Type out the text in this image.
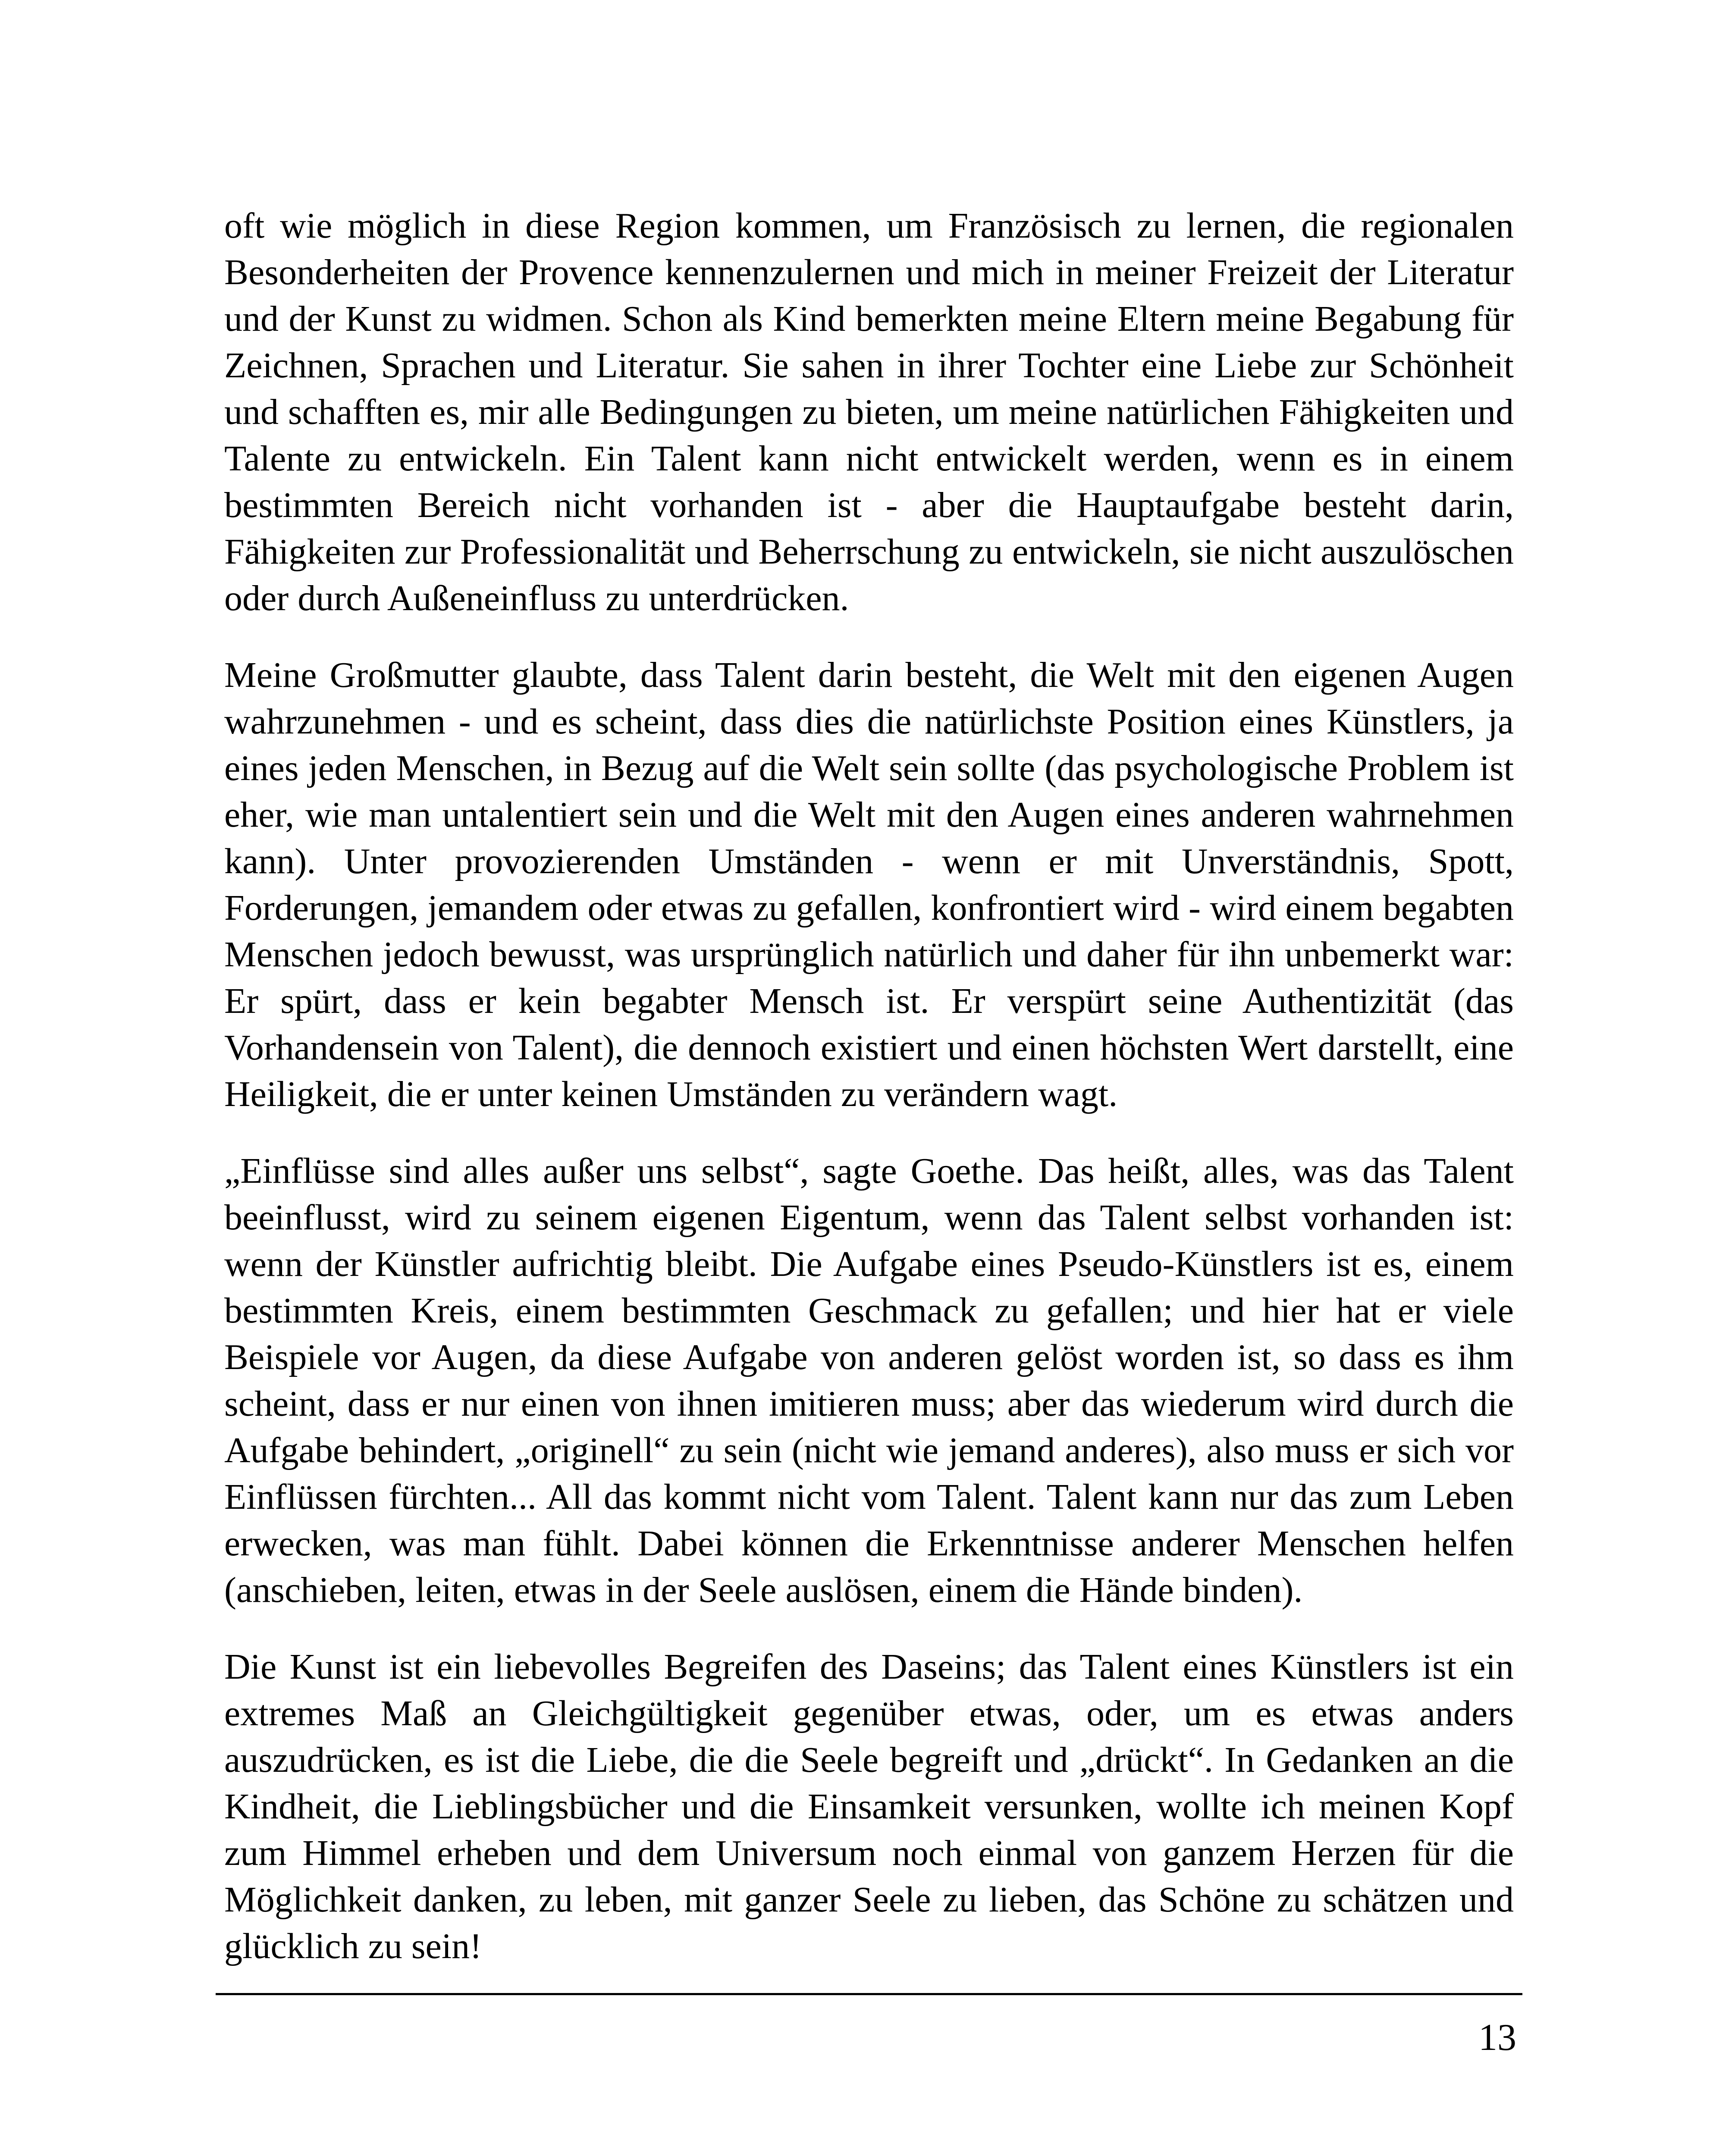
oft wie möglich in diese Region kommen, um Französisch zu lernen, die regionalen Besonderheiten der Provence kennenzulernen und mich in meiner Freizeit der Literatur und der Kunst zu widmen. Schon als Kind bemerkten meine Eltern meine Begabung für Zeichnen, Sprachen und Literatur. Sie sahen in ihrer Tochter eine Liebe zur Schönheit und schafften es, mir alle Bedingungen zu bieten, um meine natürlichen Fähigkeiten und Talente zu entwickeln. Ein Talent kann nicht entwickelt werden, wenn es in einem bestimmten Bereich nicht vorhanden ist - aber die Hauptaufgabe besteht darin, Fähigkeiten zur Professionalität und Beherrschung zu entwickeln, sie nicht auszulöschen oder durch Außeneinfluss zu unterdrücken.

Meine Großmutter glaubte, dass Talent darin besteht, die Welt mit den eigenen Augen wahrzunehmen - und es scheint, dass dies die natürlichste Position eines Künstlers, ja eines jeden Menschen, in Bezug auf die Welt sein sollte (das psychologische Problem ist eher, wie man untalentiert sein und die Welt mit den Augen eines anderen wahrnehmen kann). Unter provozierenden Umständen - wenn er mit Unverständnis, Spott, Forderungen, jemandem oder etwas zu gefallen, konfrontiert wird - wird einem begabten Menschen jedoch bewusst, was ursprünglich natürlich und daher für ihn unbemerkt war: Er spürt, dass er kein begabter Mensch ist. Er verspürt seine Authentizität (das Vorhandensein von Talent), die dennoch existiert und einen höchsten Wert darstellt, eine Heiligkeit, die er unter keinen Umständen zu verändern wagt.

„Einflüsse sind alles außer uns selbst“, sagte Goethe. Das heißt, alles, was das Talent beeinflusst, wird zu seinem eigenen Eigentum, wenn das Talent selbst vorhanden ist: wenn der Künstler aufrichtig bleibt. Die Aufgabe eines Pseudo-Künstlers ist es, einem bestimmten Kreis, einem bestimmten Geschmack zu gefallen; und hier hat er viele Beispiele vor Augen, da diese Aufgabe von anderen gelöst worden ist, so dass es ihm scheint, dass er nur einen von ihnen imitieren muss; aber das wiederum wird durch die Aufgabe behindert, „originell“ zu sein (nicht wie jemand anderes), also muss er sich vor Einflüssen fürchten... All das kommt nicht vom Talent. Talent kann nur das zum Leben erwecken, was man fühlt. Dabei können die Erkenntnisse anderer Menschen helfen (anschieben, leiten, etwas in der Seele auslösen, einem die Hände binden).

Die Kunst ist ein liebevolles Begreifen des Daseins; das Talent eines Künstlers ist ein extremes Maß an Gleichgültigkeit gegenüber etwas, oder, um es etwas anders auszudrücken, es ist die Liebe, die die Seele begreift und „drückt“. In Gedanken an die Kindheit, die Lieblingsbücher und die Einsamkeit versunken, wollte ich meinen Kopf zum Himmel erheben und dem Universum noch einmal von ganzem Herzen für die Möglichkeit danken, zu leben, mit ganzer Seele zu lieben, das Schöne zu schätzen und glücklich zu sein!

13
